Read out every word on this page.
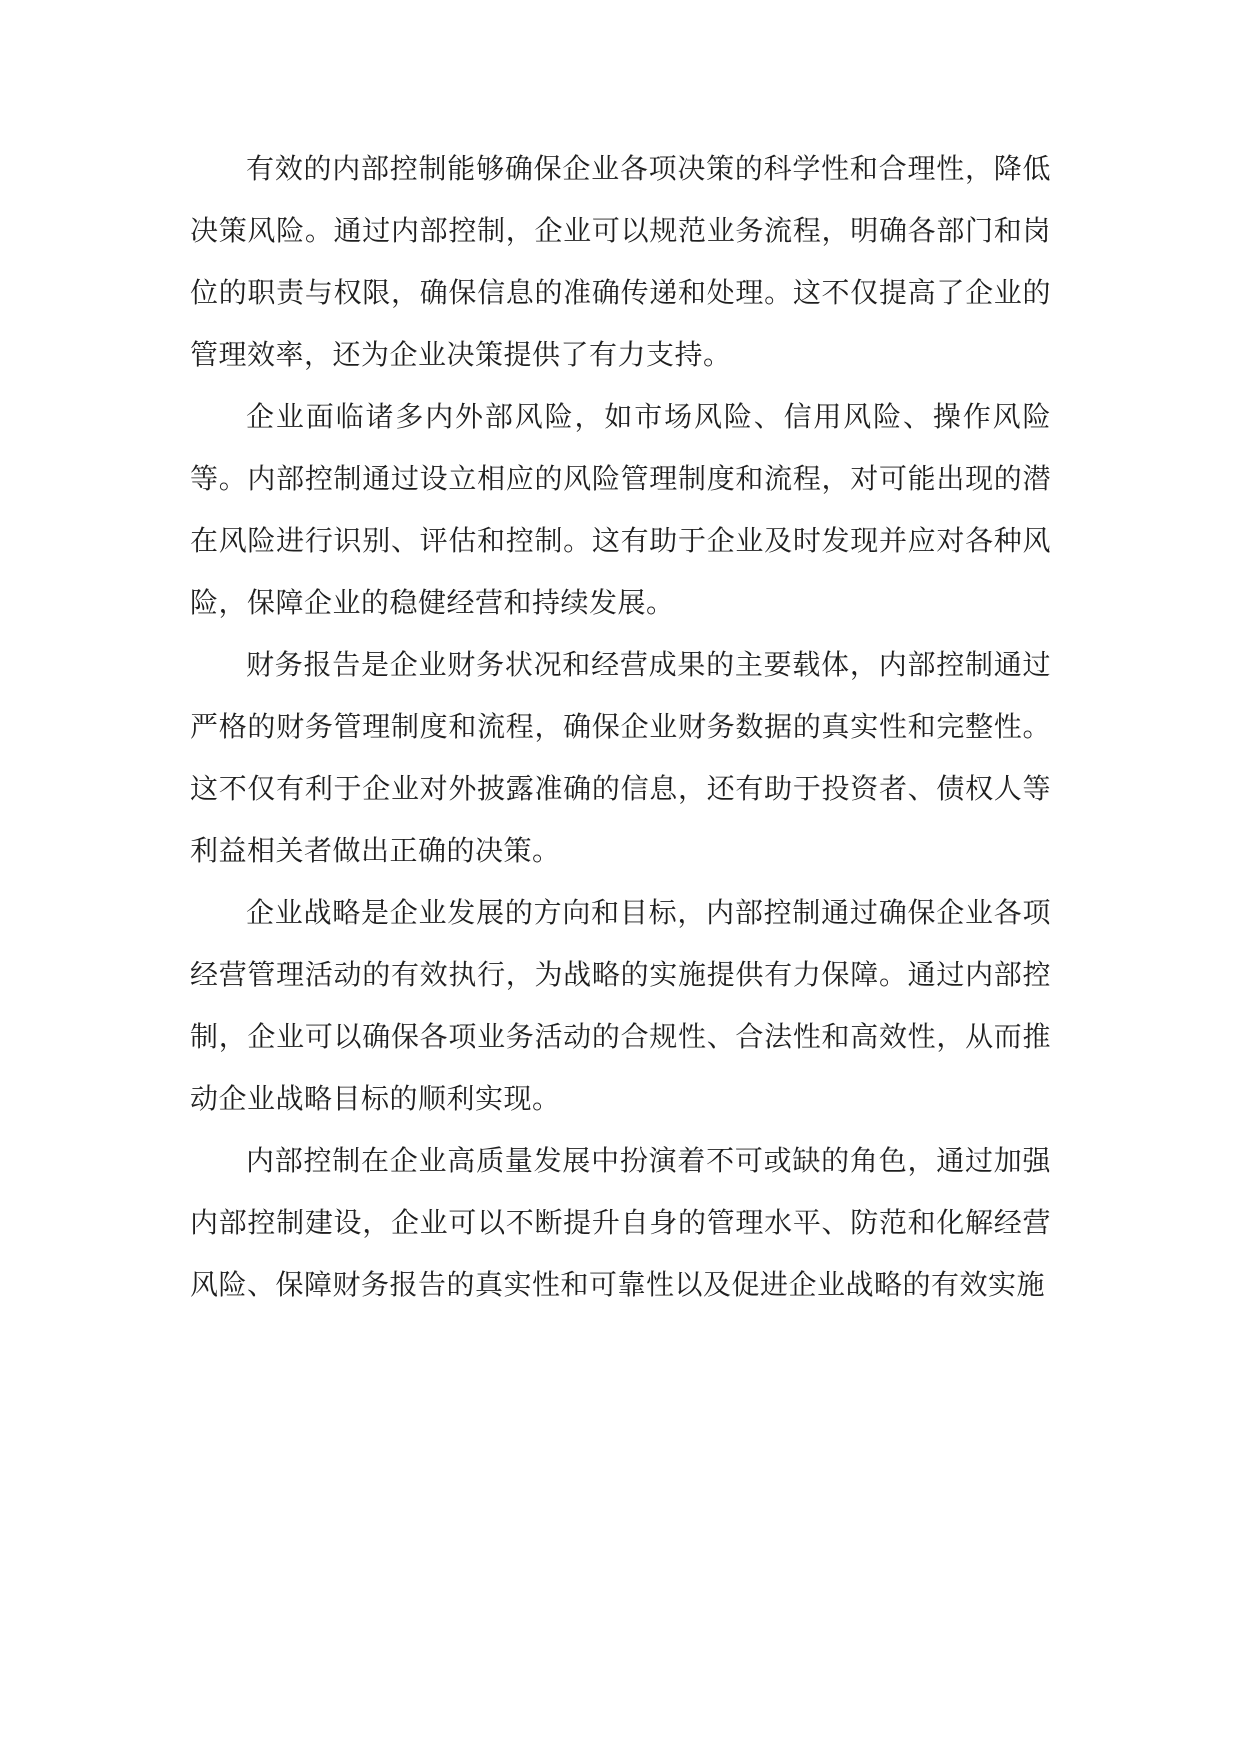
有效的内部控制能够确保企业各项决策的科学性和合理性，降低决策风险。通过内部控制，企业可以规范业务流程，明确各部门和岗位的职责与权限，确保信息的准确传递和处理。这不仅提高了企业的管理效率，还为企业决策提供了有力支持。

企业面临诸多内外部风险，如市场风险、信用风险、操作风险等。内部控制通过设立相应的风险管理制度和流程，对可能出现的潜在风险进行识别、评估和控制。这有助于企业及时发现并应对各种风险，保障企业的稳健经营和持续发展。

财务报告是企业财务状况和经营成果的主要载体，内部控制通过严格的财务管理制度和流程，确保企业财务数据的真实性和完整性。这不仅有利于企业对外披露准确的信息，还有助于投资者、债权人等利益相关者做出正确的决策。

企业战略是企业发展的方向和目标，内部控制通过确保企业各项经营管理活动的有效执行，为战略的实施提供有力保障。通过内部控制，企业可以确保各项业务活动的合规性、合法性和高效性，从而推动企业战略目标的顺利实现。

内部控制在企业高质量发展中扮演着不可或缺的角色，通过加强内部控制建设，企业可以不断提升自身的管理水平、防范和化解经营风险、保障财务报告的真实性和可靠性以及促进企业战略的有效实施
